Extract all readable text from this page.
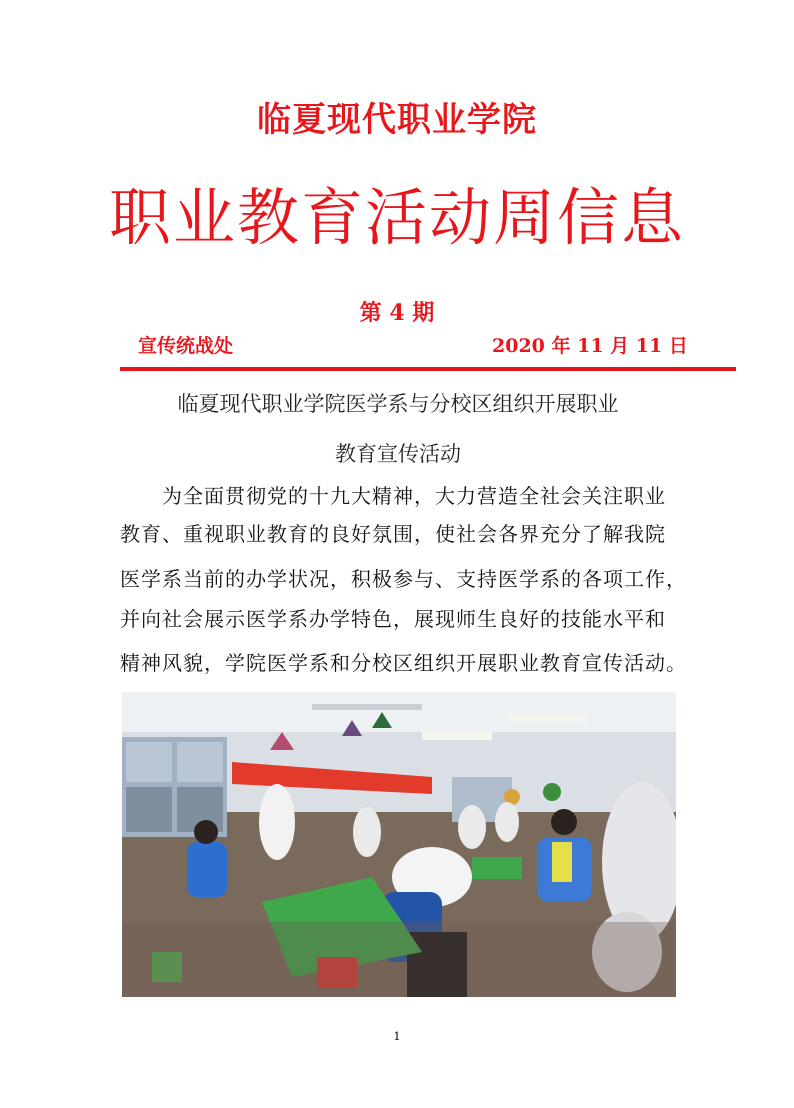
临夏现代职业学院
职业教育活动周信息
第 4 期
宣传统战处	2020 年 11 月 11 日
临夏现代职业学院医学系与分校区组织开展职业
教育宣传活动
为全面贯彻党的十九大精神，大力营造全社会关注职业
教育、重视职业教育的良好氛围，使社会各界充分了解我院
医学系当前的办学状况，积极参与、支持医学系的各项工作，
并向社会展示医学系办学特色，展现师生良好的技能水平和
精神风貌，学院医学系和分校区组织开展职业教育宣传活动。
1
